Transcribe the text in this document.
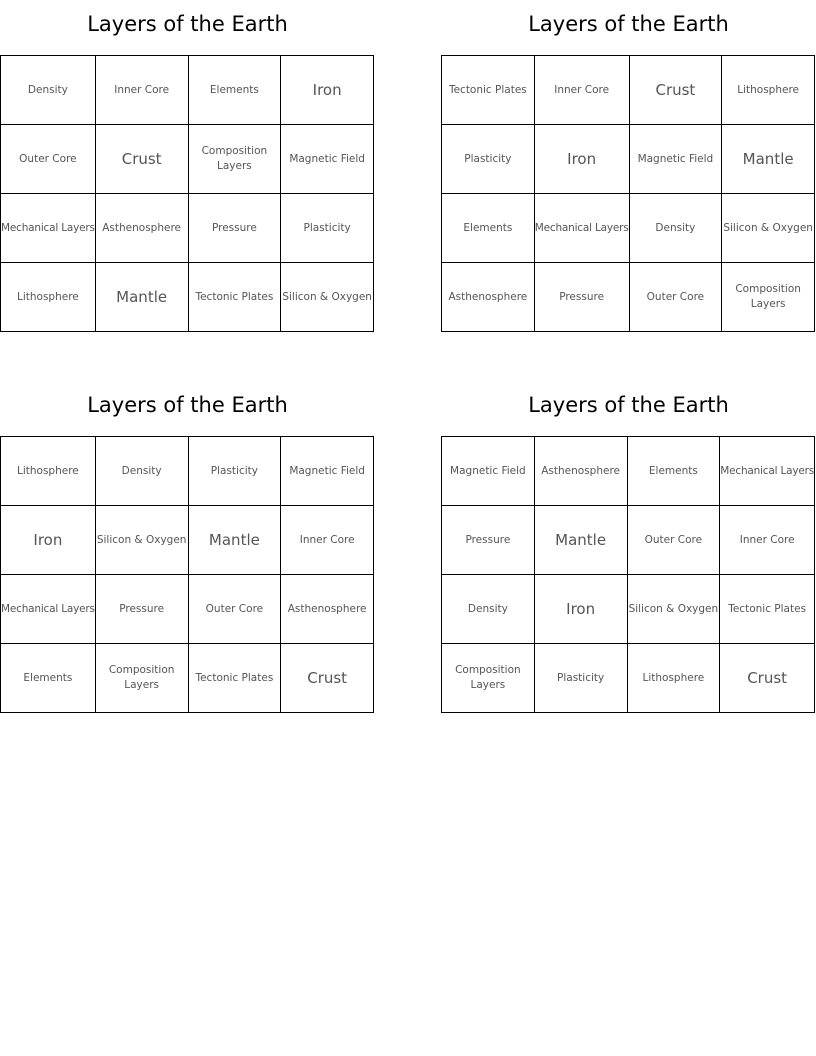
Layers of the Earth
Density	Inner Core	Elements	Iron
Outer Core	Crust	Composition Layers	Magnetic Field
Mechanical Layers	Asthenosphere	Pressure	Plasticity
Lithosphere	Mantle	Tectonic Plates	Silicon & Oxygen
Layers of the Earth
Tectonic Plates	Inner Core	Crust	Lithosphere
Plasticity	Iron	Magnetic Field	Mantle
Elements	Mechanical Layers	Density	Silicon & Oxygen
Asthenosphere	Pressure	Outer Core	Composition Layers
Layers of the Earth
Lithosphere	Density	Plasticity	Magnetic Field
Iron	Silicon & Oxygen	Mantle	Inner Core
Mechanical Layers	Pressure	Outer Core	Asthenosphere
Elements	Composition Layers	Tectonic Plates	Crust
Layers of the Earth
Magnetic Field	Asthenosphere	Elements	Mechanical Layers
Pressure	Mantle	Outer Core	Inner Core
Density	Iron	Silicon & Oxygen	Tectonic Plates
Composition Layers	Plasticity	Lithosphere	Crust
